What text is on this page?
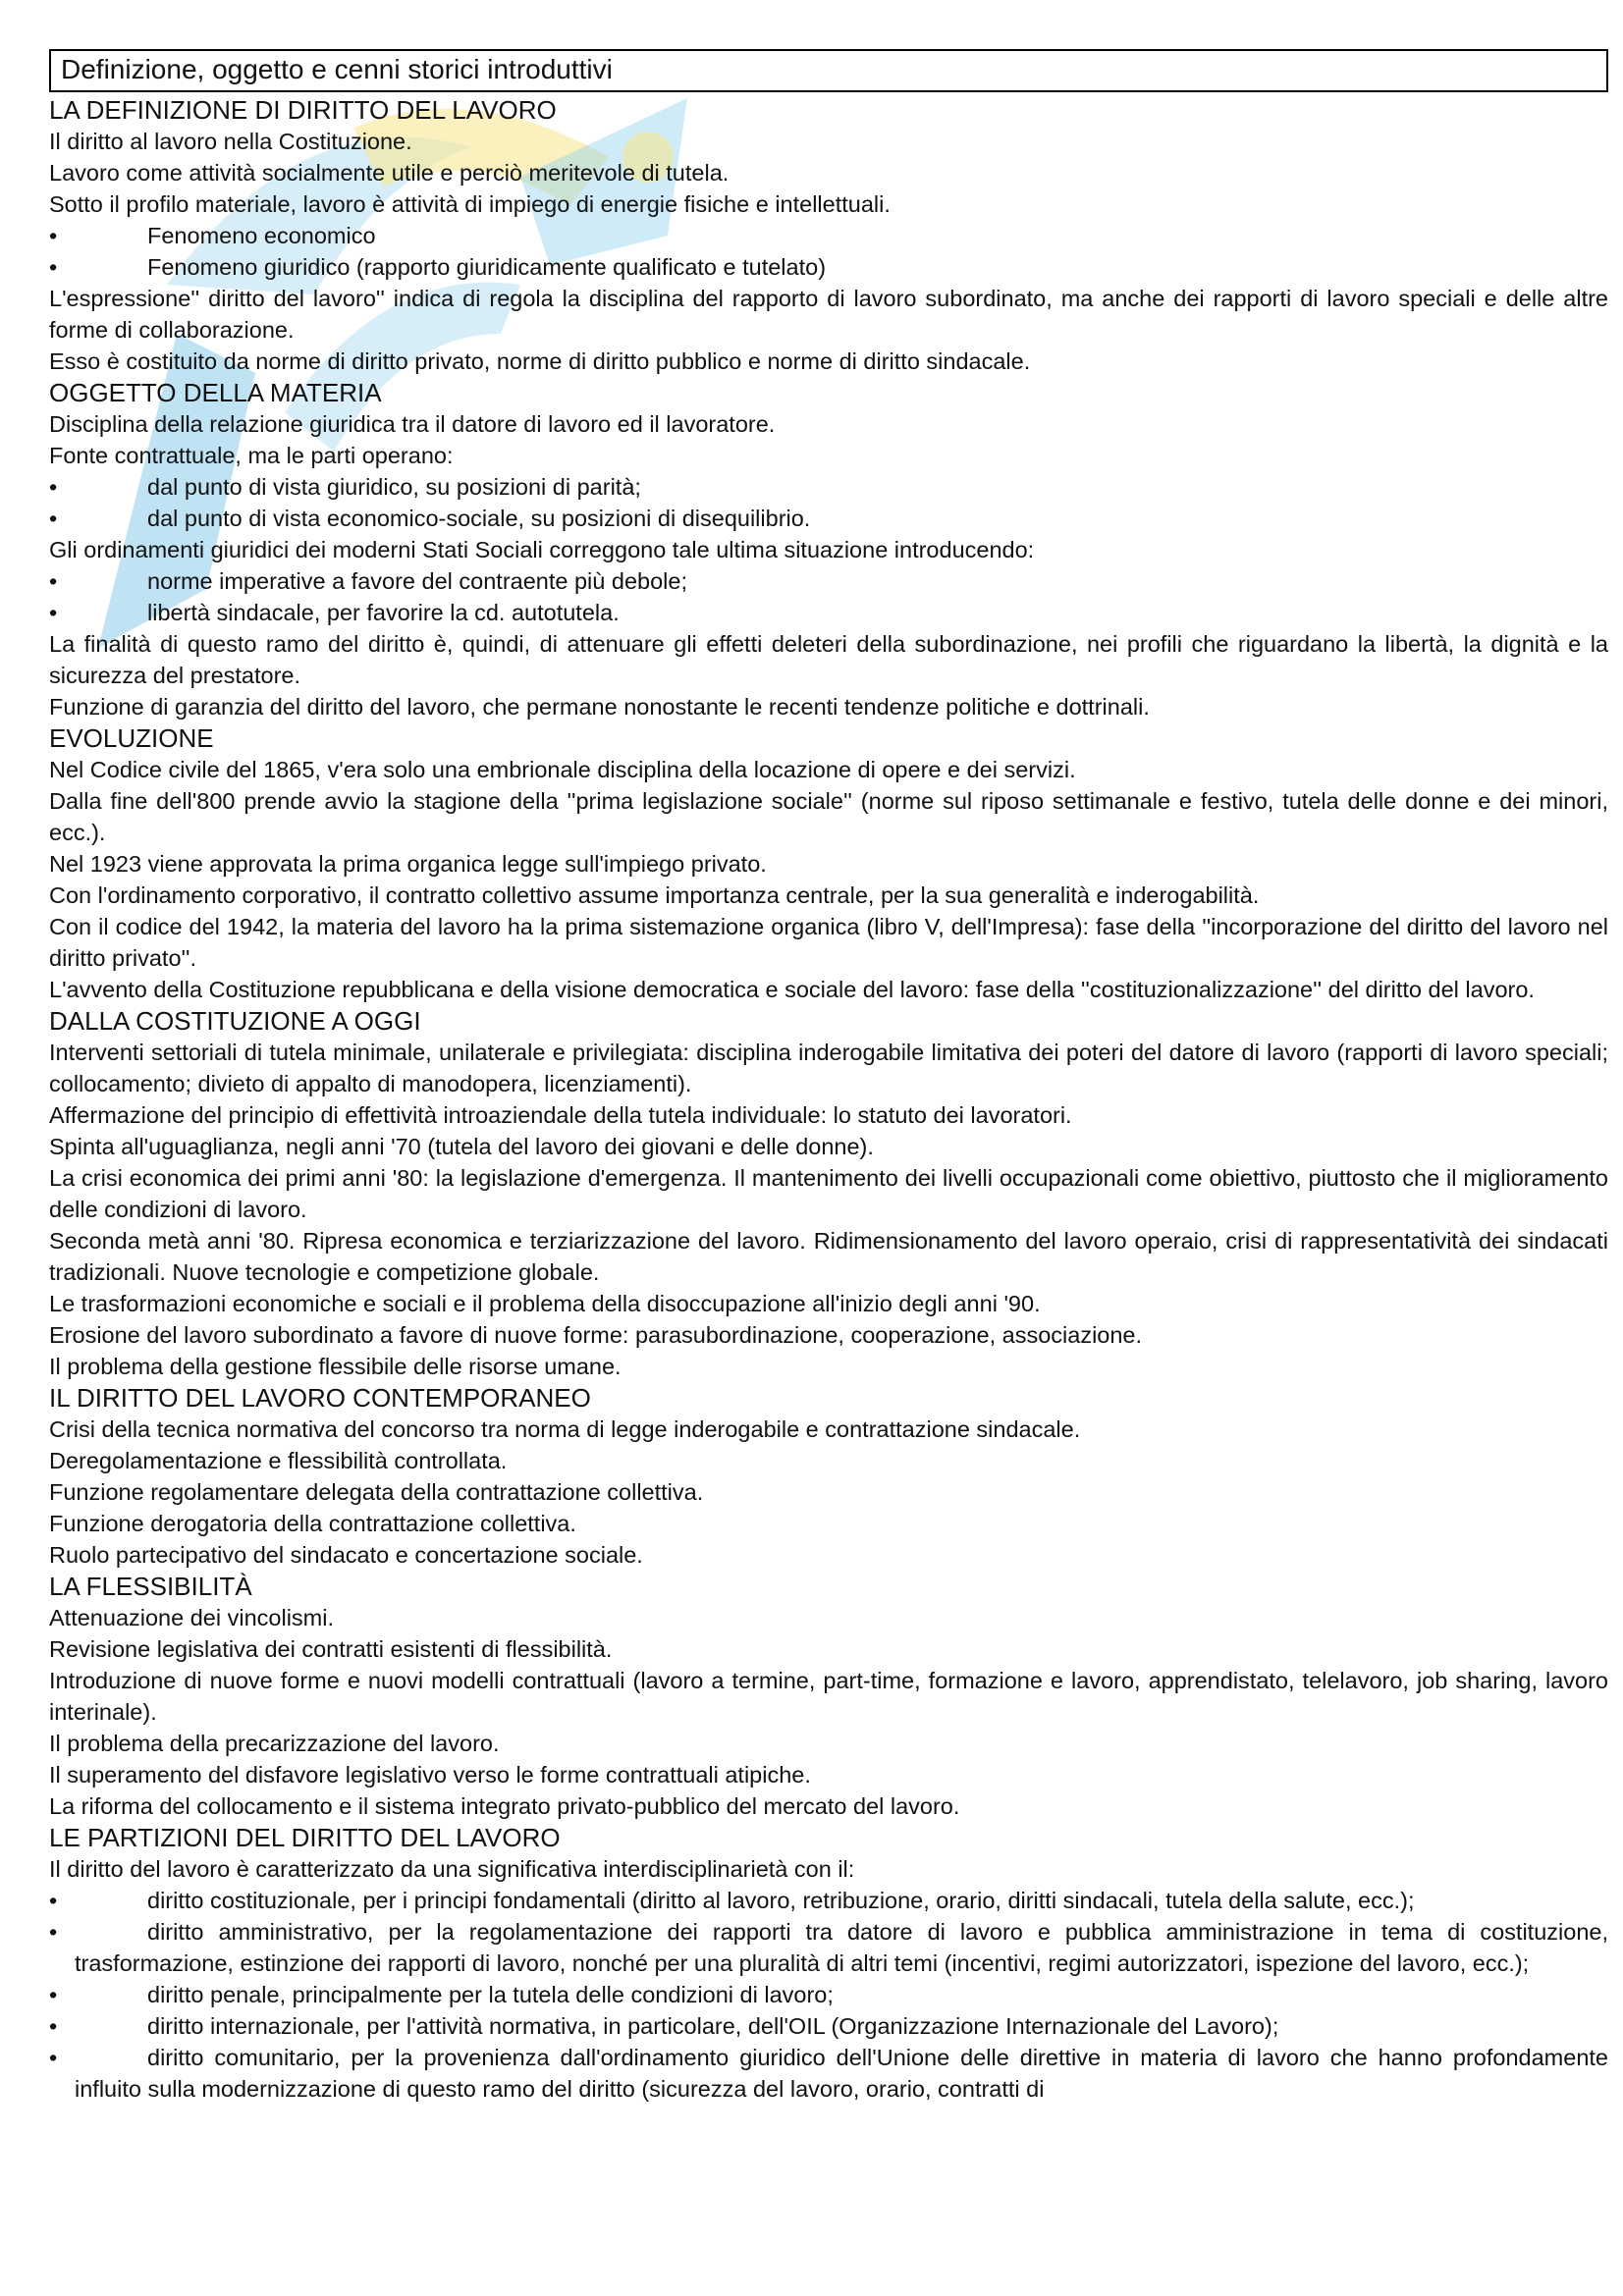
Definizione, oggetto e cenni storici introduttivi
LA DEFINIZIONE DI DIRITTO DEL LAVORO
Il diritto al lavoro nella Costituzione.
Lavoro come attività socialmente utile e perciò meritevole di tutela.
Sotto il profilo materiale, lavoro è attività di impiego di energie fisiche e intellettuali.
•	Fenomeno economico
•	Fenomeno giuridico (rapporto giuridicamente qualificato e tutelato)
L'espressione'' diritto del lavoro'' indica di regola la disciplina del rapporto di lavoro subordinato, ma anche dei rapporti di lavoro speciali e delle altre forme di collaborazione.
Esso è costituito da norme di diritto privato, norme di diritto pubblico e norme di diritto sindacale.
OGGETTO DELLA MATERIA
Disciplina della relazione giuridica tra il datore di lavoro ed il lavoratore.
Fonte contrattuale, ma le parti operano:
•	dal punto di vista giuridico, su posizioni di parità;
•	dal punto di vista economico-sociale, su posizioni di disequilibrio.
Gli ordinamenti giuridici dei moderni Stati Sociali correggono tale ultima situazione introducendo:
•	norme imperative a favore del contraente più debole;
•	libertà sindacale, per favorire la cd. autotutela.
La finalità di questo ramo del diritto è, quindi, di attenuare gli effetti deleteri della subordinazione, nei profili che riguardano la libertà, la dignità e la sicurezza del prestatore.
Funzione di garanzia del diritto del lavoro, che permane nonostante le recenti tendenze politiche e dottrinali.
EVOLUZIONE
Nel Codice civile del 1865, v'era solo una embrionale disciplina della locazione di opere e dei servizi.
Dalla fine dell'800 prende avvio la stagione della ''prima legislazione sociale'' (norme sul riposo settimanale e festivo, tutela delle donne e dei minori, ecc.).
Nel 1923 viene approvata la prima organica legge sull'impiego privato.
Con l'ordinamento corporativo, il contratto collettivo assume importanza centrale, per la sua generalità e inderogabilità.
Con il codice del 1942, la materia del lavoro ha la prima sistemazione organica (libro V, dell'Impresa): fase della ''incorporazione del diritto del lavoro nel diritto privato''.
L'avvento della Costituzione repubblicana e della visione democratica e sociale del lavoro: fase della ''costituzionalizzazione'' del diritto del lavoro.
DALLA COSTITUZIONE A OGGI
Interventi settoriali di tutela minimale, unilaterale e privilegiata: disciplina inderogabile limitativa dei poteri del datore di lavoro (rapporti di lavoro speciali; collocamento; divieto di appalto di manodopera, licenziamenti).
Affermazione del principio di effettività introaziendale della tutela individuale: lo statuto dei lavoratori.
Spinta all'uguaglianza, negli anni '70 (tutela del lavoro dei giovani e delle donne).
La crisi economica dei primi anni '80: la legislazione d'emergenza. Il mantenimento dei livelli occupazionali come obiettivo, piuttosto che il miglioramento delle condizioni di lavoro.
Seconda metà anni '80. Ripresa economica e terziarizzazione del lavoro. Ridimensionamento del lavoro operaio, crisi di rappresentatività dei sindacati tradizionali. Nuove tecnologie e competizione globale.
Le trasformazioni economiche e sociali e il problema della disoccupazione all'inizio degli anni '90.
Erosione del lavoro subordinato a favore di nuove forme: parasubordinazione, cooperazione, associazione.
Il problema della gestione flessibile delle risorse umane.
IL DIRITTO DEL LAVORO CONTEMPORANEO
Crisi della tecnica normativa del concorso tra norma di legge inderogabile e contrattazione sindacale.
Deregolamentazione e flessibilità controllata.
Funzione regolamentare delegata della contrattazione collettiva.
Funzione derogatoria della contrattazione collettiva.
Ruolo partecipativo del sindacato e concertazione sociale.
LA FLESSIBILITÀ
Attenuazione dei vincolismi.
Revisione legislativa dei contratti esistenti di flessibilità.
Introduzione di nuove forme e nuovi modelli contrattuali (lavoro a termine, part-time, formazione e lavoro, apprendistato, telelavoro, job sharing, lavoro interinale).
Il problema della precarizzazione del lavoro.
Il superamento del disfavore legislativo verso le forme contrattuali atipiche.
La riforma del collocamento e il sistema integrato privato-pubblico del mercato del lavoro.
LE PARTIZIONI DEL DIRITTO DEL LAVORO
Il diritto del lavoro è caratterizzato da una significativa interdisciplinarietà con il:
•	diritto costituzionale, per i principi fondamentali (diritto al lavoro, retribuzione, orario, diritti sindacali, tutela della salute, ecc.);
•	diritto amministrativo, per la regolamentazione dei rapporti tra datore di lavoro e pubblica amministrazione in tema di costituzione, trasformazione, estinzione dei rapporti di lavoro, nonché per una pluralità di altri temi (incentivi, regimi autorizzatori, ispezione del lavoro, ecc.);
•	diritto penale, principalmente per la tutela delle condizioni di lavoro;
•	diritto internazionale, per l'attività normativa, in particolare, dell'OIL (Organizzazione Internazionale del Lavoro);
•	diritto comunitario, per la provenienza dall'ordinamento giuridico dell'Unione delle direttive in materia di lavoro che hanno profondamente influito sulla modernizzazione di questo ramo del diritto (sicurezza del lavoro, orario, contratti di
